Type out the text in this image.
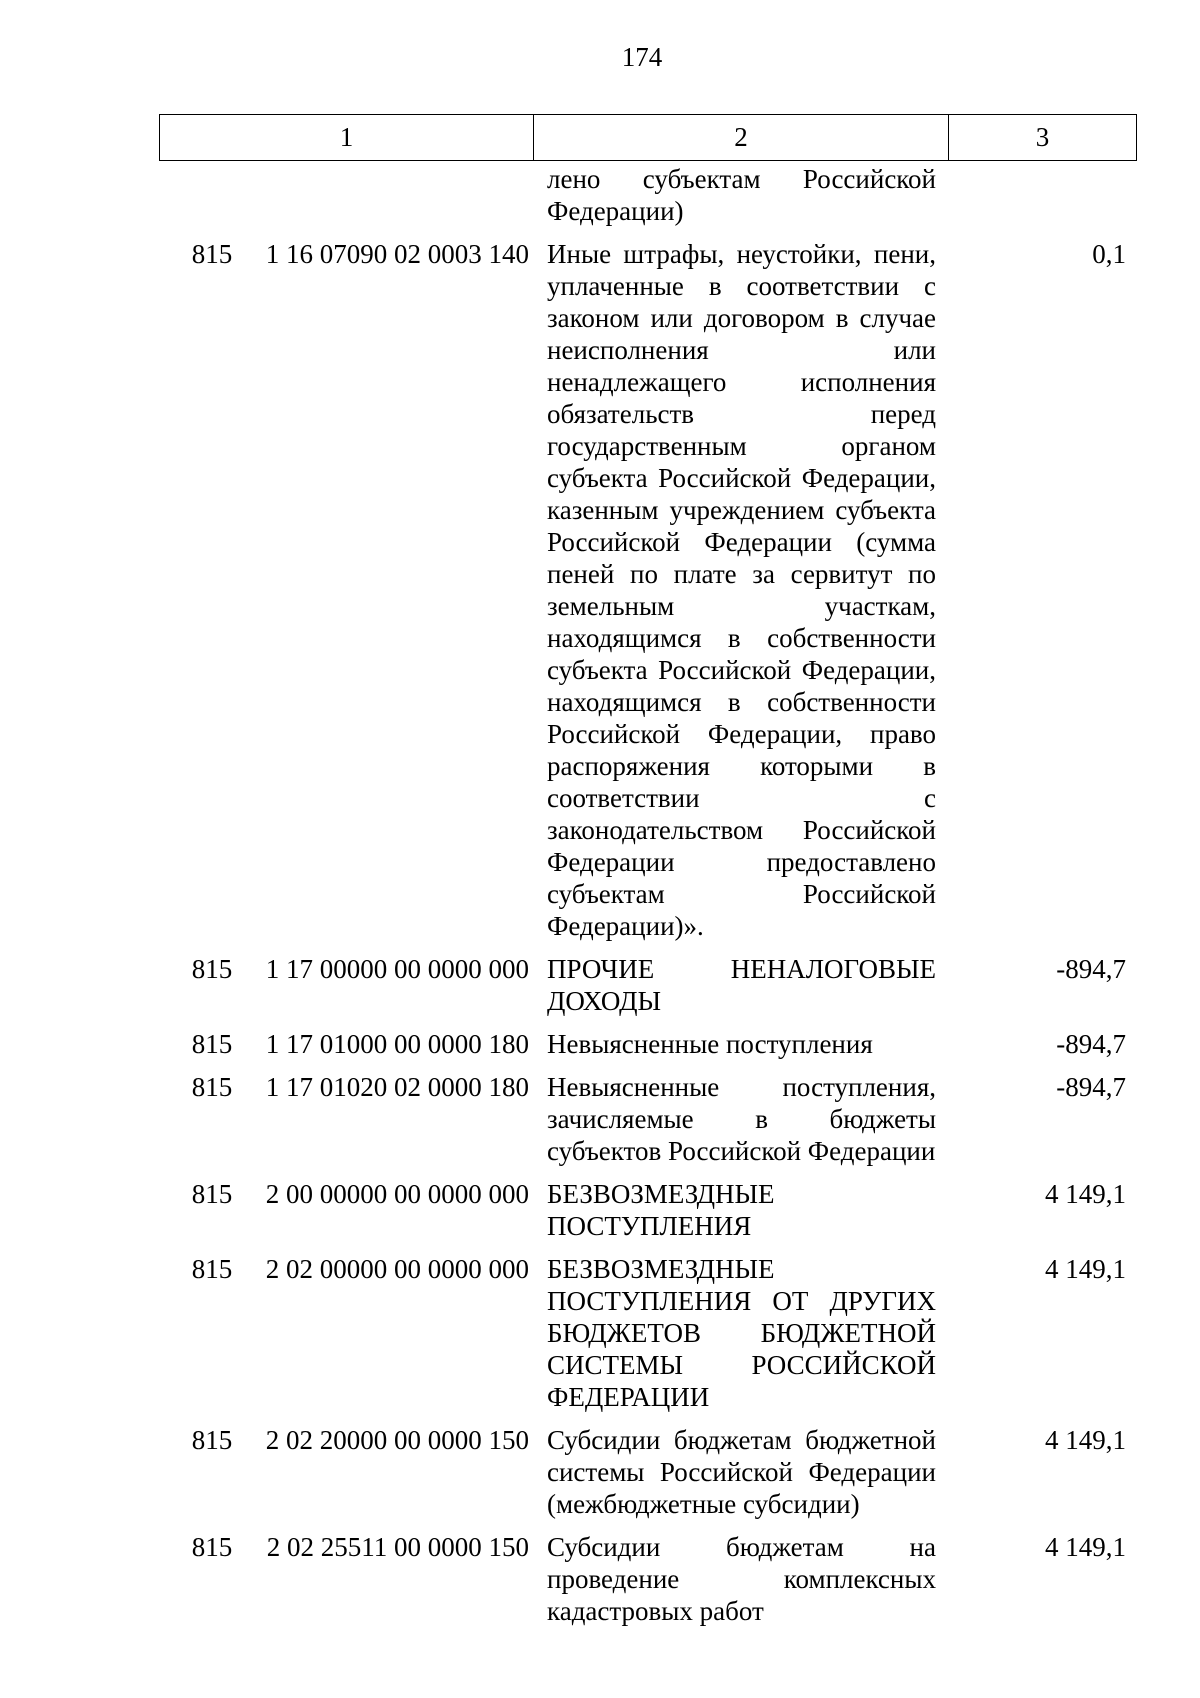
174
1	2	3
		лено субъектам Российской Федерации)	
815	1 16 07090 02 0003 140	Иные штрафы, неустойки, пени, уплаченные в соответствии с законом или договором в случае неисполнения или ненадлежащего исполнения обязательств перед государственным органом субъекта Российской Федерации, казенным учреждением субъекта Российской Федерации (сумма пеней по плате за сервитут по земельным участкам, находящимся в собственности субъекта Российской Федерации, находящимся в собственности Российской Федерации, право распоряжения которыми в соответствии с законодательством Российской Федерации предоставлено субъектам Российской Федерации)».	0,1
815	1 17 00000 00 0000 000	ПРОЧИЕ НЕНАЛОГОВЫЕ ДОХОДЫ	-894,7
815	1 17 01000 00 0000 180	Невыясненные поступления	-894,7
815	1 17 01020 02 0000 180	Невыясненные поступления, зачисляемые в бюджеты субъектов Российской Федерации	-894,7
815	2 00 00000 00 0000 000	БЕЗВОЗМЕЗДНЫЕ ПОСТУПЛЕНИЯ	4 149,1
815	2 02 00000 00 0000 000	БЕЗВОЗМЕЗДНЫЕ ПОСТУПЛЕНИЯ ОТ ДРУГИХ БЮДЖЕТОВ БЮДЖЕТНОЙ СИСТЕМЫ РОССИЙСКОЙ ФЕДЕРАЦИИ	4 149,1
815	2 02 20000 00 0000 150	Субсидии бюджетам бюджетной системы Российской Федерации (межбюджетные субсидии)	4 149,1
815	2 02 25511 00 0000 150	Субсидии бюджетам на проведение комплексных кадастровых работ	4 149,1
